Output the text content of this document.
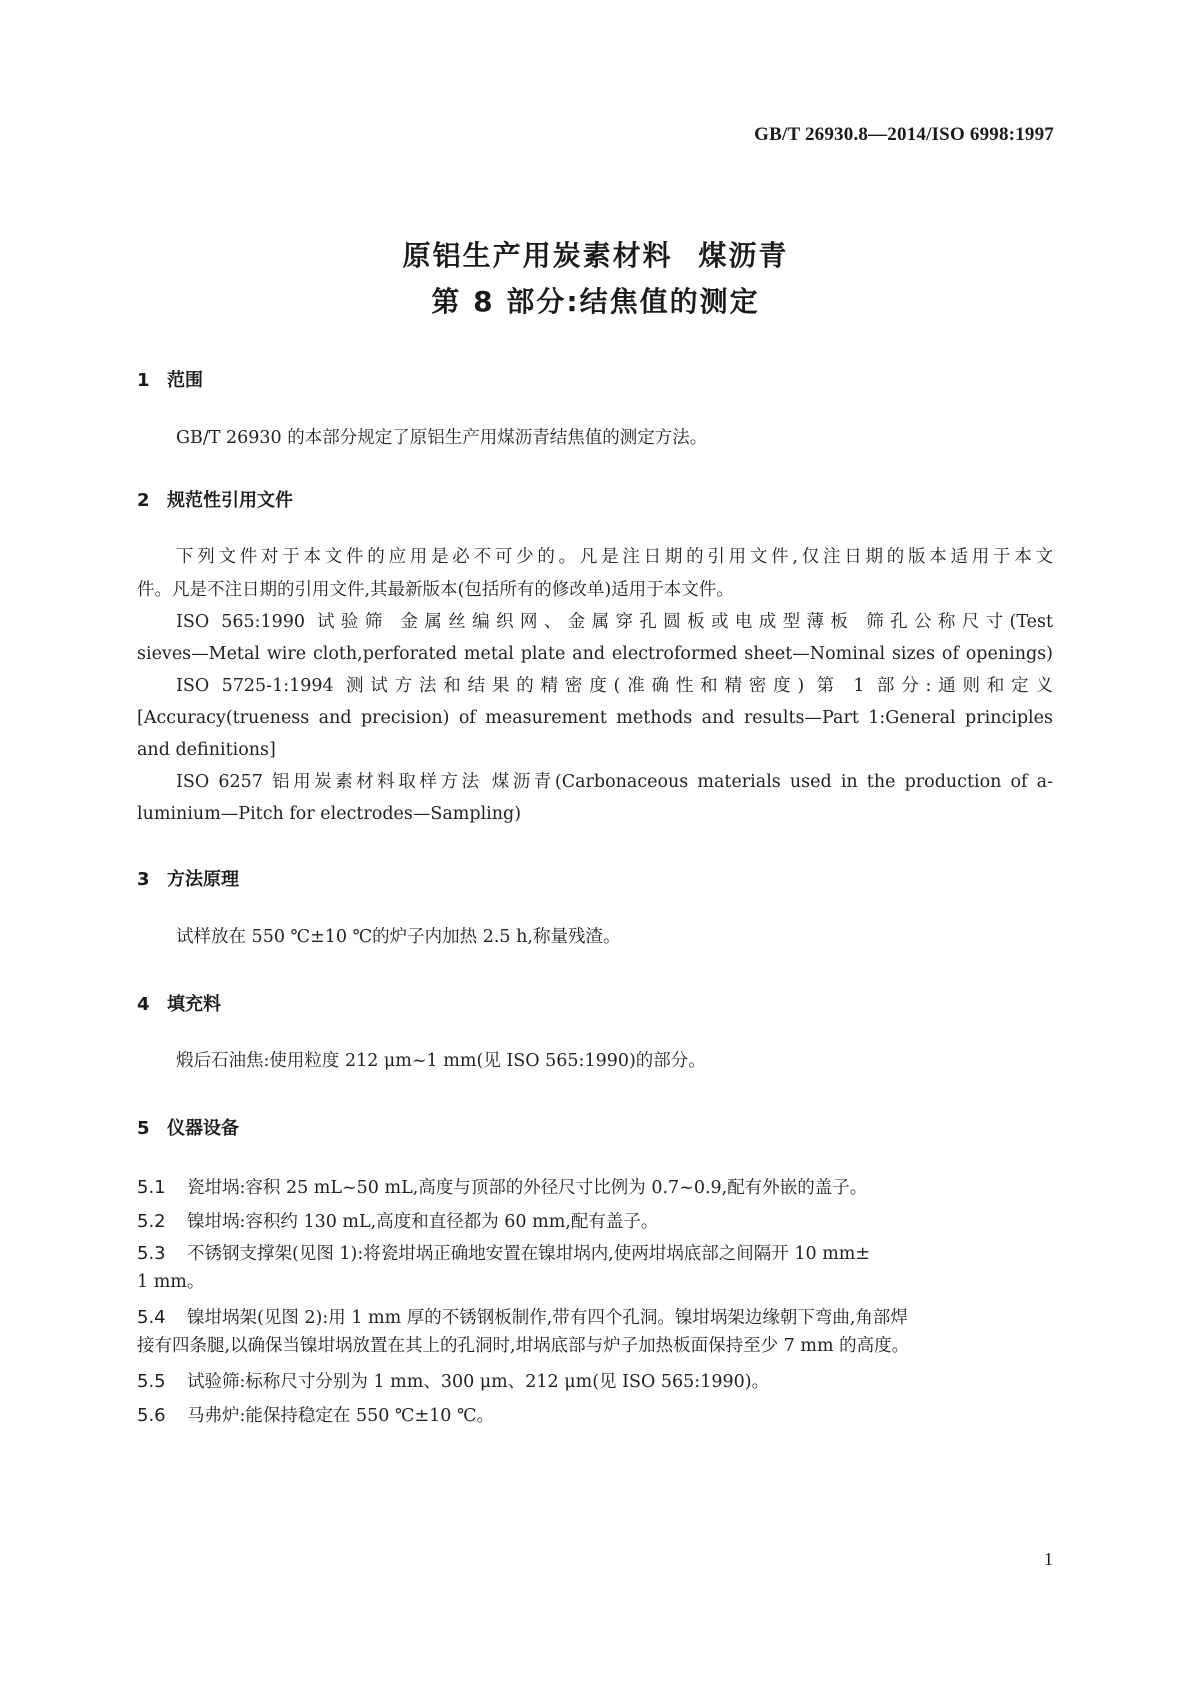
GB/T 26930.8—2014/ISO 6998:1997
原铝生产用炭素材料 煤沥青
第 8 部分:结焦值的测定
1 范围
GB/T 26930 的本部分规定了原铝生产用煤沥青结焦值的测定方法。
2 规范性引用文件
下列文件对于本文件的应用是必不可少的。凡是注日期的引用文件,仅注日期的版本适用于本文
件。凡是不注日期的引用文件,其最新版本(包括所有的修改单)适用于本文件。
ISO 565:1990 试验筛 金属丝编织网、金属穿孔圆板或电成型薄板 筛孔公称尺寸(Test
sieves—Metal wire cloth,perforated metal plate and electroformed sheet—Nominal sizes of openings)
ISO 5725-1:1994 测试方法和结果的精密度(准确性和精密度) 第 1 部分:通则和定义
[Accuracy(trueness and precision) of measurement methods and results—Part 1:General principles
and definitions]
ISO 6257 铝用炭素材料取样方法 煤沥青(Carbonaceous materials used in the production of a-
luminium—Pitch for electrodes—Sampling)
3 方法原理
试样放在 550 ℃±10 ℃的炉子内加热 2.5 h,称量残渣。
4 填充料
煅后石油焦:使用粒度 212 μm~1 mm(见 ISO 565:1990)的部分。
5 仪器设备
5.1 瓷坩埚:容积 25 mL~50 mL,高度与顶部的外径尺寸比例为 0.7~0.9,配有外嵌的盖子。
5.2 镍坩埚:容积约 130 mL,高度和直径都为 60 mm,配有盖子。
5.3 不锈钢支撑架(见图 1):将瓷坩埚正确地安置在镍坩埚内,使两坩埚底部之间隔开 10 mm±
1 mm。
5.4 镍坩埚架(见图 2):用 1 mm 厚的不锈钢板制作,带有四个孔洞。镍坩埚架边缘朝下弯曲,角部焊
接有四条腿,以确保当镍坩埚放置在其上的孔洞时,坩埚底部与炉子加热板面保持至少 7 mm 的高度。
5.5 试验筛:标称尺寸分别为 1 mm、300 μm、212 μm(见 ISO 565:1990)。
5.6 马弗炉:能保持稳定在 550 ℃±10 ℃。
1
